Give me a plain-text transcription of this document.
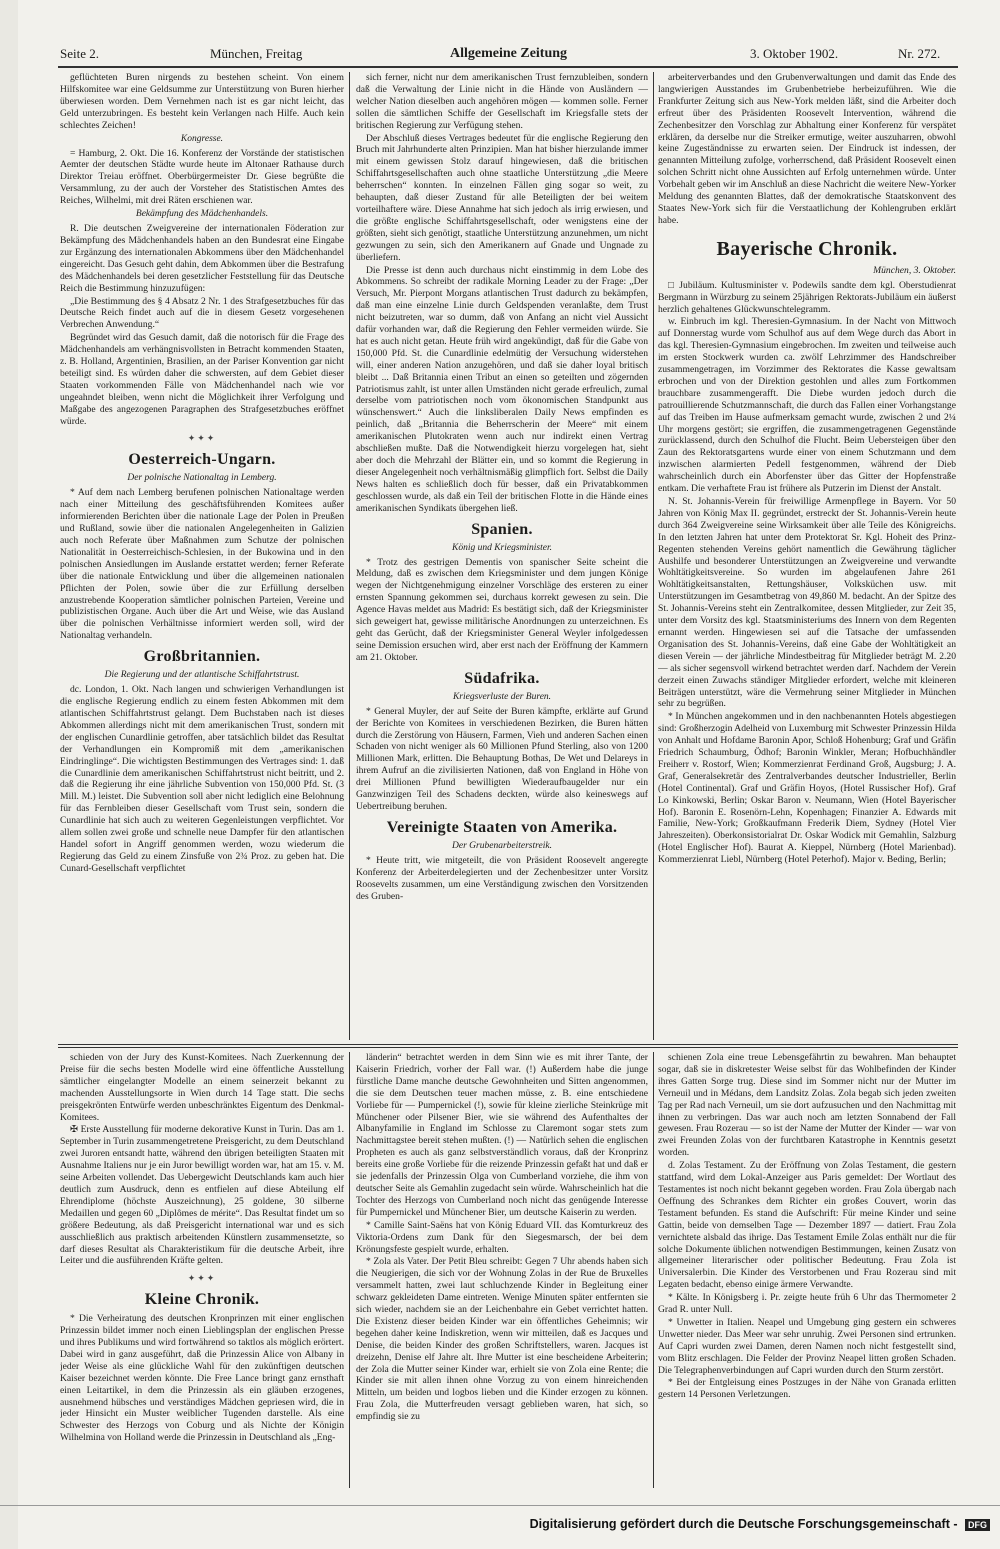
Seite 2.	München, Freitag	Allgemeine Zeitung	3. Oktober 1902.	Nr. 272.

geflüchteten Buren nirgends zu bestehen scheint. Von einem Hilfskomitee war eine Geldsumme zur Unterstützung von Buren hierher überwiesen worden. Dem Vernehmen nach ist es gar nicht leicht, das Geld unterzubringen. Es besteht kein Verlangen nach Hilfe. Auch kein schlechtes Zeichen!

Kongresse.

= Hamburg, 2. Okt. Die 16. Konferenz der Vorstände der statistischen Aemter der deutschen Städte wurde heute im Altonaer Rathause durch Direktor Treiau eröffnet. Oberbürgermeister Dr. Giese begrüßte die Versammlung, zu der auch der Vorsteher des Statistischen Amtes des Reiches, Wilhelmi, mit drei Räten erschienen war.

Bekämpfung des Mädchenhandels.

R. Die deutschen Zweigvereine der internationalen Föderation zur Bekämpfung des Mädchenhandels haben an den Bundesrat eine Eingabe zur Ergänzung des internationalen Abkommens über den Mädchenhandel eingereicht. Das Gesuch geht dahin, dem Abkommen über die Bestrafung des Mädchenhandels bei deren gesetzlicher Feststellung für das Deutsche Reich die Bestimmung hinzuzufügen:

„Die Bestimmung des § 4 Absatz 2 Nr. 1 des Strafgesetzbuches für das Deutsche Reich findet auch auf die in diesem Gesetz vorgesehenen Verbrechen Anwendung.“

Begründet wird das Gesuch damit, daß die notorisch für die Frage des Mädchenhandels am verhängnisvollsten in Betracht kommenden Staaten, z. B. Holland, Argentinien, Brasilien, an der Pariser Konvention gar nicht beteiligt sind. Es würden daher die schwersten, auf dem Gebiet dieser Staaten vorkommenden Fälle von Mädchenhandel nach wie vor ungeahndet bleiben, wenn nicht die Möglichkeit ihrer Verfolgung und Maßgabe des angezogenen Paragraphen des Strafgesetzbuches eröffnet würde.

✦✦✦
Oesterreich-Ungarn.
Der polnische Nationaltag in Lemberg.

* Auf dem nach Lemberg berufenen polnischen Nationaltage werden nach einer Mitteilung des geschäftsführenden Komitees außer informierenden Berichten über die nationale Lage der Polen in Preußen und Rußland, sowie über die nationalen Angelegenheiten in Galizien auch noch Referate über Maßnahmen zum Schutze der polnischen Nationalität in Oesterreichisch-Schlesien, in der Bukowina und in den polnischen Ansiedlungen im Auslande erstattet werden; ferner Referate über die nationale Entwicklung und über die allgemeinen nationalen Pflichten der Polen, sowie über die zur Erfüllung derselben anzustrebende Kooperation sämtlicher polnischen Parteien, Vereine und publizistischen Organe. Auch über die Art und Weise, wie das Ausland über die polnischen Verhältnisse informiert werden soll, wird der Nationaltag verhandeln.

Großbritannien.
Die Regierung und der atlantische Schiffahrtstrust.

dc. London, 1. Okt. Nach langen und schwierigen Verhandlungen ist die englische Regierung endlich zu einem festen Abkommen mit dem atlantischen Schiffahrtstrust gelangt. Dem Buchstaben nach ist dieses Abkommen allerdings nicht mit dem amerikanischen Trust, sondern mit der englischen Cunardlinie getroffen, aber tatsächlich bildet das Resultat der Verhandlungen ein Kompromiß mit dem „amerikanischen Eindringlinge“. Die wichtigsten Bestimmungen des Vertrages sind: 1. daß die Cunardlinie dem amerikanischen Schiffahrtstrust nicht beitritt, und 2. daß die Regierung ihr eine jährliche Subvention von 150,000 Pfd. St. (3 Mill. M.) leistet. Die Subvention soll aber nicht lediglich eine Belohnung für das Fernbleiben dieser Gesellschaft vom Trust sein, sondern die Cunardlinie hat sich auch zu weiteren Gegenleistungen verpflichtet. Vor allem sollen zwei große und schnelle neue Dampfer für den atlantischen Handel sofort in Angriff genommen werden, wozu wiederum die Regierung das Geld zu einem Zinsfuße von 2¾ Proz. zu geben hat. Die Cunard-Gesellschaft verpflichtet

sich ferner, nicht nur dem amerikanischen Trust fernzubleiben, sondern daß die Verwaltung der Linie nicht in die Hände von Ausländern — welcher Nation dieselben auch angehören mögen — kommen solle. Ferner sollen die sämtlichen Schiffe der Gesellschaft im Kriegsfalle stets der britischen Regierung zur Verfügung stehen.

Der Abschluß dieses Vertrages bedeutet für die englische Regierung den Bruch mit Jahrhunderte alten Prinzipien. Man hat bisher hierzulande immer mit einem gewissen Stolz darauf hingewiesen, daß die britischen Schiffahrtsgesellschaften auch ohne staatliche Unterstützung „die Meere beherrschen“ konnten. In einzelnen Fällen ging sogar so weit, zu behaupten, daß dieser Zustand für alle Beteiligten der bei weitem vorteilhaftere wäre. Diese Annahme hat sich jedoch als irrig erwiesen, und die größte englische Schiffahrtsgesellschaft, oder wenigstens eine der größten, sieht sich genötigt, staatliche Unterstützung anzunehmen, um nicht gezwungen zu sein, sich den Amerikanern auf Gnade und Ungnade zu überliefern.

Die Presse ist denn auch durchaus nicht einstimmig in dem Lobe des Abkommens. So schreibt der radikale Morning Leader zu der Frage: „Der Versuch, Mr. Pierpont Morgans atlantischen Trust dadurch zu bekämpfen, daß man eine einzelne Linie durch Geldspenden veranlaßte, dem Trust nicht beizutreten, war so dumm, daß von Anfang an nicht viel Aussicht dafür vorhanden war, daß die Regierung den Fehler vermeiden würde. Sie hat es auch nicht getan. Heute früh wird angekündigt, daß für die Gabe von 150,000 Pfd. St. die Cunardlinie edelmütig der Versuchung widerstehen will, einer anderen Nation anzugehören, und daß sie daher loyal britisch bleibt ... Daß Britannia einen Tribut an einen so geteilten und zögernden Patriotismus zahlt, ist unter allen Umständen nicht gerade erfreulich, zumal derselbe vom patriotischen noch vom ökonomischen Standpunkt aus wünschenswert.“ Auch die linksliberalen Daily News empfinden es peinlich, daß „Britannia die Beherrscherin der Meere“ mit einem amerikanischen Plutokraten wenn auch nur indirekt einen Vertrag abschließen mußte. Daß die Notwendigkeit hierzu vorgelegen hat, sieht aber doch die Mehrzahl der Blätter ein, und so kommt die Regierung in dieser Angelegenheit noch verhältnismäßig glimpflich fort. Selbst die Daily News halten es schließlich doch für besser, daß ein Privatabkommen geschlossen wurde, als daß ein Teil der britischen Flotte in die Hände eines amerikanischen Syndikats übergehen ließ.

Spanien.
König und Kriegsminister.

* Trotz des gestrigen Dementis von spanischer Seite scheint die Meldung, daß es zwischen dem Kriegsminister und dem jungen Könige wegen der Nichtgenehmigung einzelner Vorschläge des ersteren zu einer ernsten Spannung gekommen sei, durchaus korrekt gewesen zu sein. Die Agence Havas meldet aus Madrid: Es bestätigt sich, daß der Kriegsminister sich geweigert hat, gewisse militärische Anordnungen zu unterzeichnen. Es geht das Gerücht, daß der Kriegsminister General Weyler infolgedessen seine Demission ersuchen wird, aber erst nach der Eröffnung der Kammern am 21. Oktober.

Südafrika.
Kriegsverluste der Buren.

* General Muyler, der auf Seite der Buren kämpfte, erklärte auf Grund der Berichte von Komitees in verschiedenen Bezirken, die Buren hätten durch die Zerstörung von Häusern, Farmen, Vieh und anderen Sachen einen Schaden von nicht weniger als 60 Millionen Pfund Sterling, also von 1200 Millionen Mark, erlitten. Die Behauptung Bothas, De Wet und Delareys in ihrem Aufruf an die zivilisierten Nationen, daß von England in Höhe von drei Millionen Pfund bewilligten Wiederaufbaugelder nur ein Ganzwinzigen Teil des Schadens deckten, würde also keineswegs auf Uebertreibung beruhen.

Vereinigte Staaten von Amerika.
Der Grubenarbeiterstreik.

* Heute tritt, wie mitgeteilt, die von Präsident Roosevelt angeregte Konferenz der Arbeiterdelegierten und der Zechenbesitzer unter Vorsitz Roosevelts zusammen, um eine Verständigung zwischen den Vorsitzenden des Gruben-

arbeiterverbandes und den Grubenverwaltungen und damit das Ende des langwierigen Ausstandes im Grubenbetriebe herbeizuführen. Wie die Frankfurter Zeitung sich aus New-York melden läßt, sind die Arbeiter doch erfreut über des Präsidenten Roosevelt Intervention, während die Zechenbesitzer den Vorschlag zur Abhaltung einer Konferenz für verspätet erklären, da derselbe nur die Streiker ermutige, weiter auszuharren, obwohl keine Zugeständnisse zu erwarten seien. Der Eindruck ist indessen, der genannten Mitteilung zufolge, vorherrschend, daß Präsident Roosevelt einen solchen Schritt nicht ohne Aussichten auf Erfolg unternehmen würde. Unter Vorbehalt geben wir im Anschluß an diese Nachricht die weitere New-Yorker Meldung des genannten Blattes, daß der demokratische Staatskonvent des Staates New-York sich für die Verstaatlichung der Kohlengruben erklärt habe.

Bayerische Chronik.

München, 3. Oktober.

□ Jubiläum. Kultusminister v. Podewils sandte dem kgl. Oberstudienrat Bergmann in Würzburg zu seinem 25jährigen Rektorats-Jubiläum ein äußerst herzlich gehaltenes Glückwunschtelegramm.

w. Einbruch im kgl. Theresien-Gymnasium. In der Nacht von Mittwoch auf Donnerstag wurde vom Schulhof aus auf dem Wege durch das Abort in das kgl. Theresien-Gymnasium eingebrochen. Im zweiten und teilweise auch im ersten Stockwerk wurden ca. zwölf Lehrzimmer des Handschreiber zusammengetragen, im Vorzimmer des Rektorates die Kasse gewaltsam erbrochen und von der Direktion gestohlen und alles zum Fortkommen brauchbare zusammengerafft. Die Diebe wurden jedoch durch die patrouillierende Schutzmannschaft, die durch das Fallen einer Vorhangstange auf das Treiben im Hause aufmerksam gemacht wurde, zwischen 2 und 2¼ Uhr morgens gestört; sie ergriffen, die zusammengetragenen Gegenstände zurücklassend, durch den Schulhof die Flucht. Beim Uebersteigen über den Zaun des Rektoratsgartens wurde einer von einem Schutzmann und dem inzwischen alarmierten Pedell festgenommen, während der Dieb wahrscheinlich durch ein Aborfenster über das Gitter der Hopfenstraße entkam. Die verhaftete Frau ist frühere als Putzerin im Dienst der Anstalt.

N. St. Johannis-Verein für freiwillige Armenpflege in Bayern. Vor 50 Jahren von König Max II. gegründet, erstreckt der St. Johannis-Verein heute durch 364 Zweigvereine seine Wirksamkeit über alle Teile des Königreichs. In den letzten Jahren hat unter dem Protektorat Sr. Kgl. Hoheit des Prinz-Regenten stehenden Vereins gehört namentlich die Gewährung täglicher Aushilfe und besonderer Unterstützungen an Zweigvereine und verwandte Wohltätigkeitsvereine. So wurden im abgelaufenen Jahre 261 Wohltätigkeitsanstalten, Rettungshäuser, Volksküchen usw. mit Unterstützungen im Gesamtbetrag von 49,860 M. bedacht. An der Spitze des St. Johannis-Vereins steht ein Zentralkomitee, dessen Mitglieder, zur Zeit 35, unter dem Vorsitz des kgl. Staatsministeriums des Innern von dem Regenten ernannt werden. Hingewiesen sei auf die Tatsache der umfassenden Organisation des St. Johannis-Vereins, daß eine Gabe der Wohltätigkeit an diesen Verein — der jährliche Mindestbeitrag für Mitglieder beträgt M. 2.20 — als sicher segensvoll wirkend betrachtet werden darf. Nachdem der Verein derzeit einen Zuwachs ständiger Mitglieder erfordert, welche mit kleineren Beiträgen unterstützt, wäre die Vermehrung seiner Mitglieder in München sehr zu begrüßen.

* In München angekommen und in den nachbenannten Hotels abgestiegen sind: Großherzogin Adelheid von Luxemburg mit Schwester Prinzessin Hilda von Anhalt und Hofdame Baronin Apor, Schloß Hohenburg; Graf und Gräfin Friedrich Schaumburg, Ödhof; Baronin Winkler, Meran; Hofbuchhändler Freiherr v. Rostorf, Wien; Kommerzienrat Ferdinand Groß, Augsburg; J. A. Graf, Generalsekretär des Zentralverbandes deutscher Industrieller, Berlin (Hotel Continental). Graf und Gräfin Hoyos, (Hotel Russischer Hof). Graf Lo Kinkowski, Berlin; Oskar Baron v. Neumann, Wien (Hotel Bayerischer Hof). Baronin E. Rosenörn-Lehn, Kopenhagen; Finanzier A. Edwards mit Familie, New-York; Großkaufmann Frederik Diem, Sydney (Hotel Vier Jahreszeiten). Oberkonsistorialrat Dr. Oskar Wodick mit Gemahlin, Salzburg (Hotel Englischer Hof). Baurat A. Kieppel, Nürnberg (Hotel Marienbad). Kommerzienrat Liebl, Nürnberg (Hotel Peterhof). Major v. Beding, Berlin;

schieden von der Jury des Kunst-Komitees. Nach Zuerkennung der Preise für die sechs besten Modelle wird eine öffentliche Ausstellung sämtlicher eingelangter Modelle an einem seinerzeit bekannt zu machenden Ausstellungsorte in Wien durch 14 Tage statt. Die sechs preisgekrönten Entwürfe werden unbeschränktes Eigentum des Denkmal-Komitees.

✠ Erste Ausstellung für moderne dekorative Kunst in Turin. Das am 1. September in Turin zusammengetretene Preisgericht, zu dem Deutschland zwei Juroren entsandt hatte, während den übrigen beteiligten Staaten mit Ausnahme Italiens nur je ein Juror bewilligt worden war, hat am 15. v. M. seine Arbeiten vollendet. Das Uebergewicht Deutschlands kam auch hier deutlich zum Ausdruck, denn es entfielen auf diese Abteilung elf Ehrendiplome (höchste Auszeichnung), 25 goldene, 30 silberne Medaillen und gegen 60 „Diplômes de mérite“. Das Resultat findet um so größere Bedeutung, als daß Preisgericht international war und es sich ausschließlich aus praktisch arbeitenden Künstlern zusammensetzte, so darf dieses Resultat als Charakteristikum für die deutsche Arbeit, ihre Leiter und die ausführenden Kräfte gelten.

✦✦✦
Kleine Chronik.

* Die Verheiratung des deutschen Kronprinzen mit einer englischen Prinzessin bildet immer noch einen Lieblingsplan der englischen Presse und ihres Publikums und wird fortwährend so taktlos als möglich erörtert. Dabei wird in ganz ausgeführt, daß die Prinzessin Alice von Albany in jeder Weise als eine glückliche Wahl für den zukünftigen deutschen Kaiser bezeichnet werden könnte. Die Free Lance bringt ganz ernsthaft einen Leitartikel, in dem die Prinzessin als ein gläuben erzogenes, ausnehmend hübsches und verständiges Mädchen gepriesen wird, die in jeder Hinsicht ein Muster weiblicher Tugenden darstelle. Als eine Schwester des Herzogs von Coburg und als Nichte der Königin Wilhelmina von Holland werde die Prinzessin in Deutschland als „Eng-

länderin“ betrachtet werden in dem Sinn wie es mit ihrer Tante, der Kaiserin Friedrich, vorher der Fall war. (!) Außerdem habe die junge fürstliche Dame manche deutsche Gewohnheiten und Sitten angenommen, die sie dem Deutschen teuer machen müsse, z. B. eine entschiedene Vorliebe für — Pumpernickel (!), sowie für kleine zierliche Steinkrüge mit Münchener oder Pilsener Bier, wie sie während des Aufenthaltes der Albanyfamilie in England im Schlosse zu Claremont sogar stets zum Nachmittagstee bereit stehen mußten. (!) — Natürlich sehen die englischen Propheten es auch als ganz selbstverständlich voraus, daß der Kronprinz bereits eine große Vorliebe für die reizende Prinzessin gefaßt hat und daß er sie jedenfalls der Prinzessin Olga von Cumberland vorziehe, die ihm von deutscher Seite als Gemahlin zugedacht sein würde. Wahrscheinlich hat die Tochter des Herzogs von Cumberland noch nicht das genügende Interesse für Pumpernickel und Münchener Bier, um deutsche Kaiserin zu werden.

* Camille Saint-Saëns hat von König Eduard VII. das Komturkreuz des Viktoria-Ordens zum Dank für den Siegesmarsch, der bei dem Krönungsfeste gespielt wurde, erhalten.

* Zola als Vater. Der Petit Bleu schreibt: Gegen 7 Uhr abends haben sich die Neugierigen, die sich vor der Wohnung Zolas in der Rue de Bruxelles versammelt hatten, zwei laut schluchzende Kinder in Begleitung einer schwarz gekleideten Dame eintreten. Wenige Minuten später entfernten sie sich wieder, nachdem sie an der Leichenbahre ein Gebet verrichtet hatten. Die Existenz dieser beiden Kinder war ein öffentliches Geheimnis; wir begehen daher keine Indiskretion, wenn wir mitteilen, daß es Jacques und Denise, die beiden Kinder des großen Schriftstellers, waren. Jacques ist dreizehn, Denise elf Jahre alt. Ihre Mutter ist eine bescheidene Arbeiterin; der Zola die Mutter seiner Kinder war, erhielt sie von Zola eine Rente; die Kinder sie mit allen ihnen ohne Vorzug zu von einem hinreichenden Mitteln, um beiden und logbos lieben und die Kinder erzogen zu können. Frau Zola, die Mutterfreuden versagt geblieben waren, hat sich, so empfindig sie zu

schienen Zola eine treue Lebensgefährtin zu bewahren. Man behauptet sogar, daß sie in diskretester Weise selbst für das Wohlbefinden der Kinder ihres Gatten Sorge trug. Diese sind im Sommer nicht nur der Mutter im Verneuil und in Médans, dem Landsitz Zolas. Zola begab sich jeden zweiten Tag per Rad nach Verneuil, um sie dort aufzusuchen und den Nachmittag mit ihnen zu verbringen. Das war auch noch am letzten Sonnabend der Fall gewesen. Frau Rozerau — so ist der Name der Mutter der Kinder — war von zwei Freunden Zolas von der furchtbaren Katastrophe in Kenntnis gesetzt worden.

d. Zolas Testament. Zu der Eröffnung von Zolas Testament, die gestern stattfand, wird dem Lokal-Anzeiger aus Paris gemeldet: Der Wortlaut des Testamentes ist noch nicht bekannt gegeben worden. Frau Zola übergab nach Oeffnung des Schrankes dem Richter ein großes Couvert, worin das Testament befunden. Es stand die Aufschrift: Für meine Kinder und seine Gattin, beide von demselben Tage — Dezember 1897 — datiert. Frau Zola vernichtete alsbald das ihrige. Das Testament Emile Zolas enthält nur die für solche Dokumente üblichen notwendigen Bestimmungen, keinen Zusatz von allgemeiner literarischer oder politischer Bedeutung. Frau Zola ist Universalerbin. Die Kinder des Verstorbenen und Frau Rozerau sind mit Legaten bedacht, ebenso einige ärmere Verwandte.

* Kälte. In Königsberg i. Pr. zeigte heute früh 6 Uhr das Thermometer 2 Grad R. unter Null.

* Unwetter in Italien. Neapel und Umgebung ging gestern ein schweres Unwetter nieder. Das Meer war sehr unruhig. Zwei Personen sind ertrunken. Auf Capri wurden zwei Damen, deren Namen noch nicht festgestellt sind, vom Blitz erschlagen. Die Felder der Provinz Neapel litten großen Schaden. Die Telegraphenverbindungen auf Capri wurden durch den Sturm zerstört.

* Bei der Entgleisung eines Postzuges in der Nähe von Granada erlitten gestern 14 Personen Verletzungen.

Digitalisierung gefördert durch die Deutsche Forschungsgemeinschaft - DFG
